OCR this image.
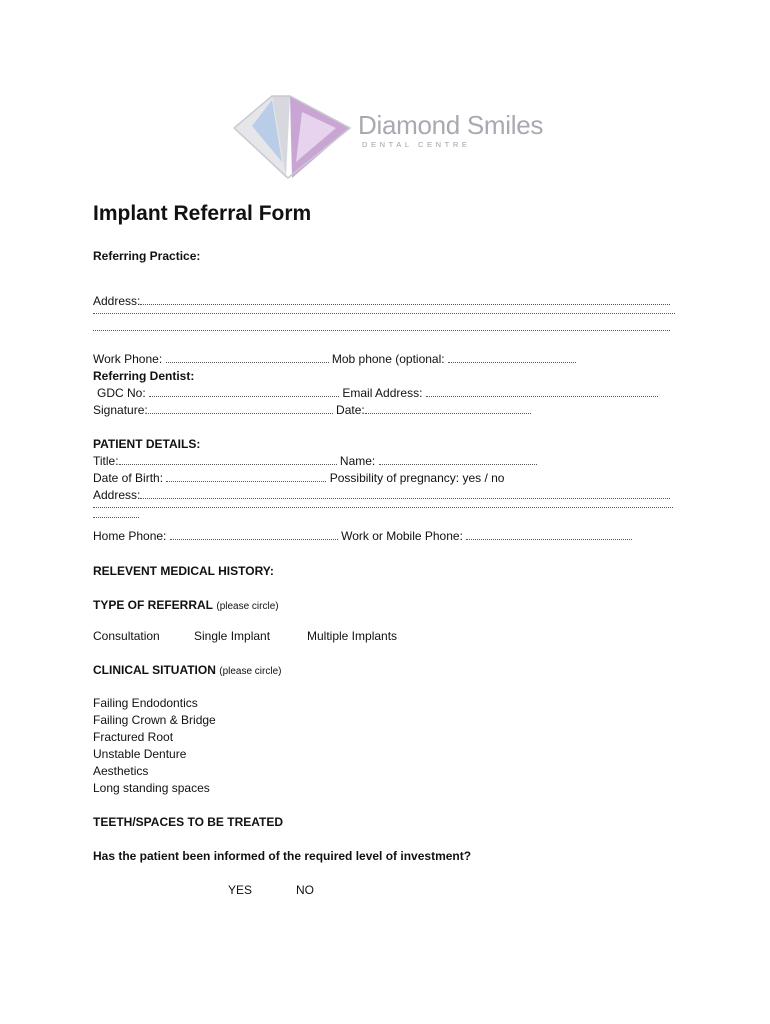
Diamond Smiles
DENTAL CENTRE
Implant Referral Form
Referring Practice:
Address:
Work Phone:	Mob phone (optional:
Referring Dentist:
GDC No:	Email Address:
Signature:	Date:
PATIENT DETAILS:
Title:	Name:
Date of Birth:	Possibility of pregnancy: yes / no
Address:
Home Phone:	Work or Mobile Phone:
RELEVENT MEDICAL HISTORY:
TYPE OF REFERRAL (please circle)
Consultation	Single Implant	Multiple Implants
CLINICAL SITUATION (please circle)
Failing Endodontics
Failing Crown & Bridge
Fractured Root
Unstable Denture
Aesthetics
Long standing spaces
TEETH/SPACES TO BE TREATED
Has the patient been informed of the required level of investment?
YES	NO
